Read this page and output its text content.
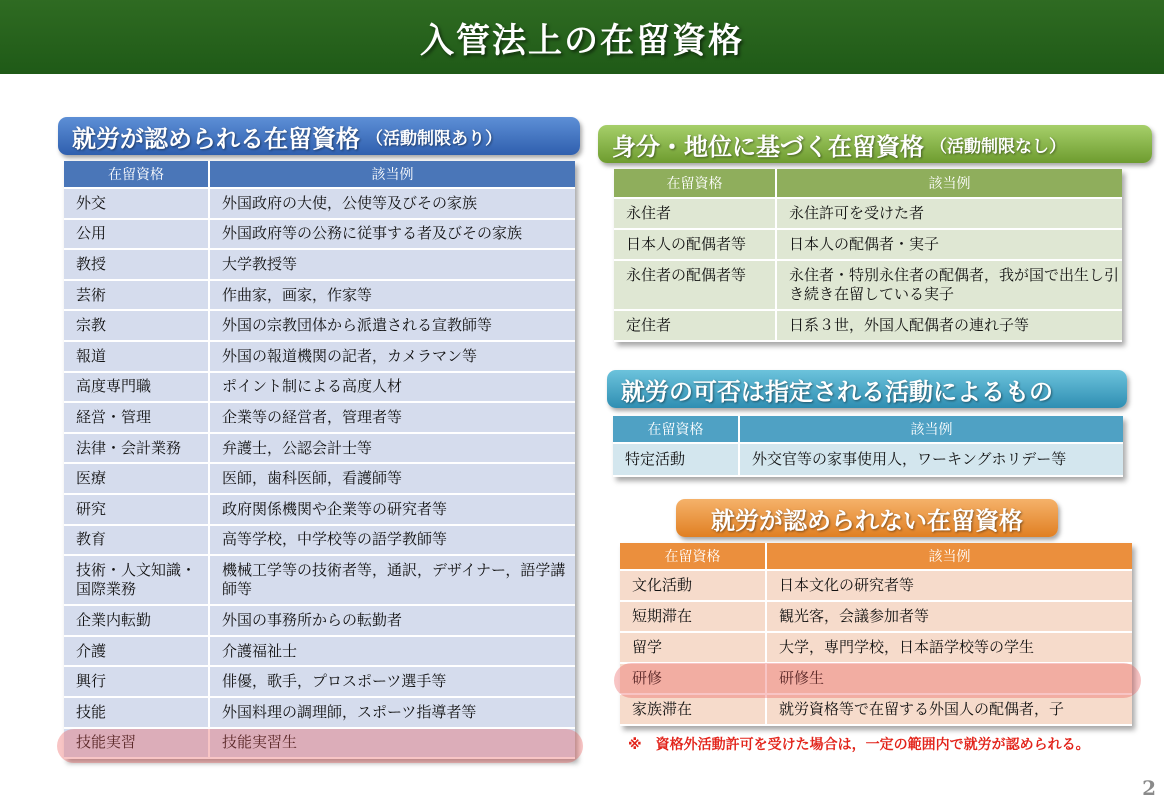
入管法上の在留資格
就労が認められる在留資格 （活動制限あり）
在留資格	該当例
外交	外国政府の大使，公使等及びその家族
公用	外国政府等の公務に従事する者及びその家族
教授	大学教授等
芸術	作曲家，画家，作家等
宗教	外国の宗教団体から派遣される宣教師等
報道	外国の報道機関の記者，カメラマン等
高度専門職	ポイント制による高度人材
経営・管理	企業等の経営者，管理者等
法律・会計業務	弁護士，公認会計士等
医療	医師，歯科医師，看護師等
研究	政府関係機関や企業等の研究者等
教育	高等学校，中学校等の語学教師等
技術・人文知識・国際業務	機械工学等の技術者等，通訳，デザイナー，語学講師等
企業内転勤	外国の事務所からの転勤者
介護	介護福祉士
興行	俳優，歌手，プロスポーツ選手等
技能	外国料理の調理師，スポーツ指導者等
技能実習	技能実習生
身分・地位に基づく在留資格 （活動制限なし）
在留資格	該当例
永住者	永住許可を受けた者
日本人の配偶者等	日本人の配偶者・実子
永住者の配偶者等	永住者・特別永住者の配偶者，我が国で出生し引き続き在留している実子
定住者	日系３世，外国人配偶者の連れ子等
就労の可否は指定される活動によるもの
在留資格	該当例
特定活動	外交官等の家事使用人，ワーキングホリデー等
就労が認められない在留資格
在留資格	該当例
文化活動	日本文化の研究者等
短期滞在	観光客，会議参加者等
留学	大学，専門学校，日本語学校等の学生
研修	研修生
家族滞在	就労資格等で在留する外国人の配偶者，子
※　資格外活動許可を受けた場合は，一定の範囲内で就労が認められる。
2
